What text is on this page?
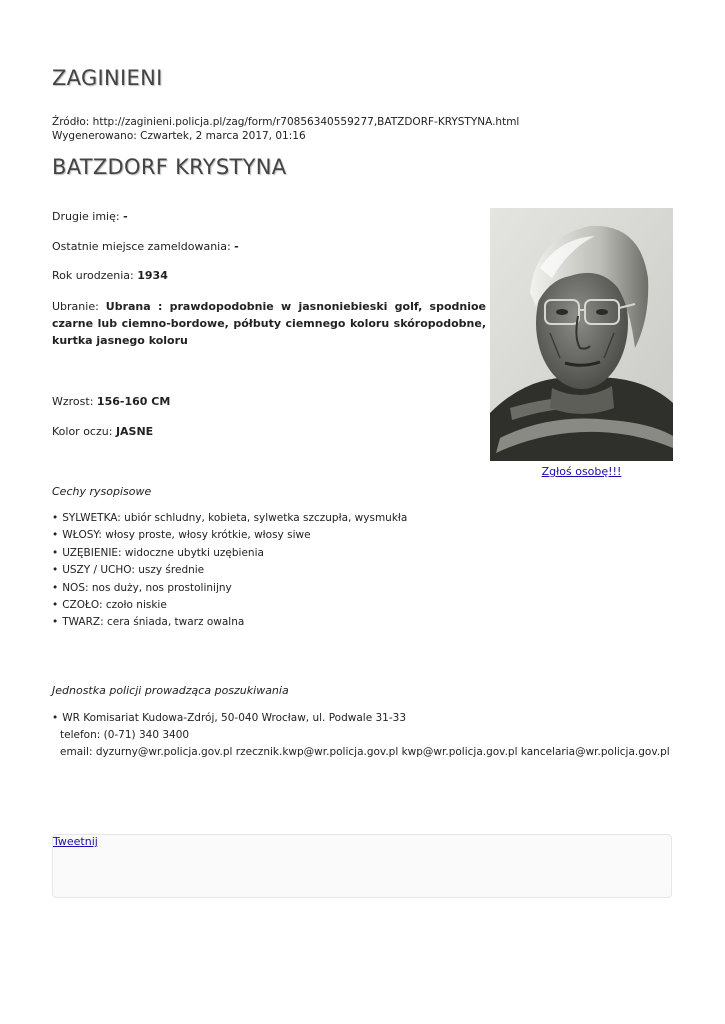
ZAGINIENI
Źródło: http://zaginieni.policja.pl/zag/form/r70856340559277,BATZDORF-KRYSTYNA.html
Wygenerowano: Czwartek, 2 marca 2017, 01:16
BATZDORF KRYSTYNA
Drugie imię: -
Ostatnie miejsce zameldowania: -
Rok urodzenia: 1934
Ubranie: Ubrana : prawdopodobnie w jasnoniebieski golf, spodnioe czarne lub ciemno-bordowe, półbuty ciemnego koloru skóropodobne, kurtka jasnego koloru
Wzrost: 156-160 CM
Kolor oczu: JASNE
Zgłoś osobę!!!
Cechy rysopisowe
• SYLWETKA: ubiór schludny, kobieta, sylwetka szczupła, wysmukła
• WŁOSY: włosy proste, włosy krótkie, włosy siwe
• UZĘBIENIE: widoczne ubytki uzębienia
• USZY / UCHO: uszy średnie
• NOS: nos duży, nos prostolinijny
• CZOŁO: czoło niskie
• TWARZ: cera śniada, twarz owalna
Jednostka policji prowadząca poszukiwania
• WR Komisariat Kudowa-Zdrój, 50-040 Wrocław, ul. Podwale 31-33
telefon: (0-71) 340 3400
email: dyzurny@wr.policja.gov.pl rzecznik.kwp@wr.policja.gov.pl kwp@wr.policja.gov.pl kancelaria@wr.policja.gov.pl
Tweetnij
